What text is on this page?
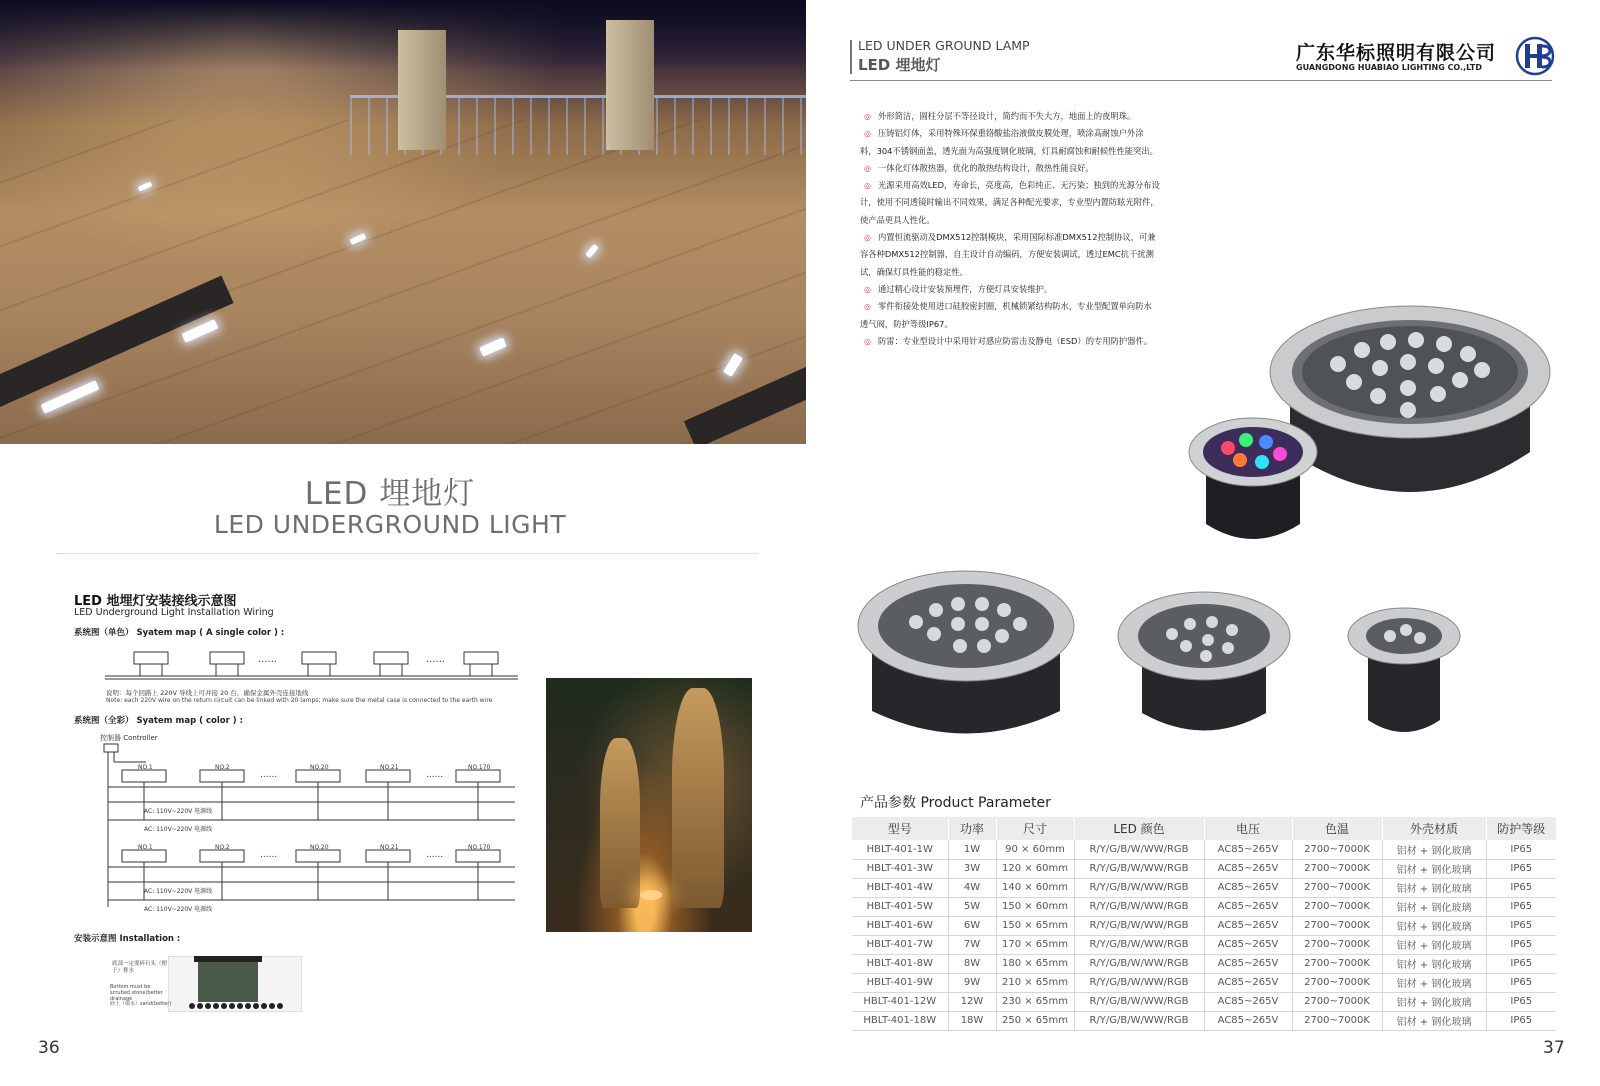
LED 埋地灯
LED UNDERGROUND LIGHT
LED 地埋灯安装接线示意图
LED Underground Light Installation Wiring
系统图（单色） Syatem map ( A single color ) :
......	......
说明：每个回路上 220V 导线上可并接 20 台，确保金属外壳连接地线
Note: each 220V wire on the return circuit can be linked with 20 lamps; make sure the metal case is connected to the earth wire
系统图（全彩） Syatem map ( color ) :
控制器 Controller
NO.1	NO.2	NO.20	NO.21	NO.170
......	......
AC: 110V~220V 电源线
AC: 110V~220V 电源线
NO.1	NO.2	NO.20	NO.21	NO.170
......	......
AC: 110V~220V 电源线
AC: 110V~220V 电源线
安装示意图 Installation :
底部一定要碎石头（便于）排水
Bottom must be scrubed stone(better drainage
砂土（填水）sand(better)
36
LED UNDER GROUND LAMP
LED 埋地灯
广东华标照明有限公司
GUANGDONG HUABIAO LIGHTING CO.,LTD

◎ 外形简洁，圆柱分层不等径设计，简约而不失大方，地面上的夜明珠。

◎ 压铸铝灯体，采用特殊环保重铬酸盐浴液做皮膜处理，喷涂高耐蚀户外涂料，304不锈钢面盖，透光面为高强度钢化玻璃，灯具耐腐蚀和耐候性性能突出。

◎ 一体化灯体散热器，优化的散热结构设计，散热性能良好。

◎ 光源采用高效LED，寿命长，亮度高，色彩纯正、无污染；独到的光源分布设计，使用不同透镜时输出不同效果，满足各种配光要求，专业型内置防眩光附件，使产品更具人性化。

◎ 内置恒流驱动及DMX512控制模块，采用国际标准DMX512控制协议，可兼容各种DMX512控制器，自主设计自动编码，方便安装调试，透过EMC抗干扰测试，确保灯具性能的稳定性。

◎ 通过精心设计安装预埋件，方便灯具安装维护。

◎ 零件衔接处使用进口硅胶密封圈，机械锁紧结构防水，专业型配置单向防水透气阀，防护等级IP67。

◎ 防雷：专业型设计中采用针对感应防雷击及静电（ESD）的专用防护器件。

产品参数 Product Parameter
型号	功率	尺寸	LED 颜色	电压	色温	外壳材质	防护等级
HBLT-401-1W	1W	90 × 60mm	R/Y/G/B/W/WW/RGB	AC85~265V	2700~7000K	铝材 + 钢化玻璃	IP65
HBLT-401-3W	3W	120 × 60mm	R/Y/G/B/W/WW/RGB	AC85~265V	2700~7000K	铝材 + 钢化玻璃	IP65
HBLT-401-4W	4W	140 × 60mm	R/Y/G/B/W/WW/RGB	AC85~265V	2700~7000K	铝材 + 钢化玻璃	IP65
HBLT-401-5W	5W	150 × 60mm	R/Y/G/B/W/WW/RGB	AC85~265V	2700~7000K	铝材 + 钢化玻璃	IP65
HBLT-401-6W	6W	150 × 65mm	R/Y/G/B/W/WW/RGB	AC85~265V	2700~7000K	铝材 + 钢化玻璃	IP65
HBLT-401-7W	7W	170 × 65mm	R/Y/G/B/W/WW/RGB	AC85~265V	2700~7000K	铝材 + 钢化玻璃	IP65
HBLT-401-8W	8W	180 × 65mm	R/Y/G/B/W/WW/RGB	AC85~265V	2700~7000K	铝材 + 钢化玻璃	IP65
HBLT-401-9W	9W	210 × 65mm	R/Y/G/B/W/WW/RGB	AC85~265V	2700~7000K	铝材 + 钢化玻璃	IP65
HBLT-401-12W	12W	230 × 65mm	R/Y/G/B/W/WW/RGB	AC85~265V	2700~7000K	铝材 + 钢化玻璃	IP65
HBLT-401-18W	18W	250 × 65mm	R/Y/G/B/W/WW/RGB	AC85~265V	2700~7000K	铝材 + 钢化玻璃	IP65
37
